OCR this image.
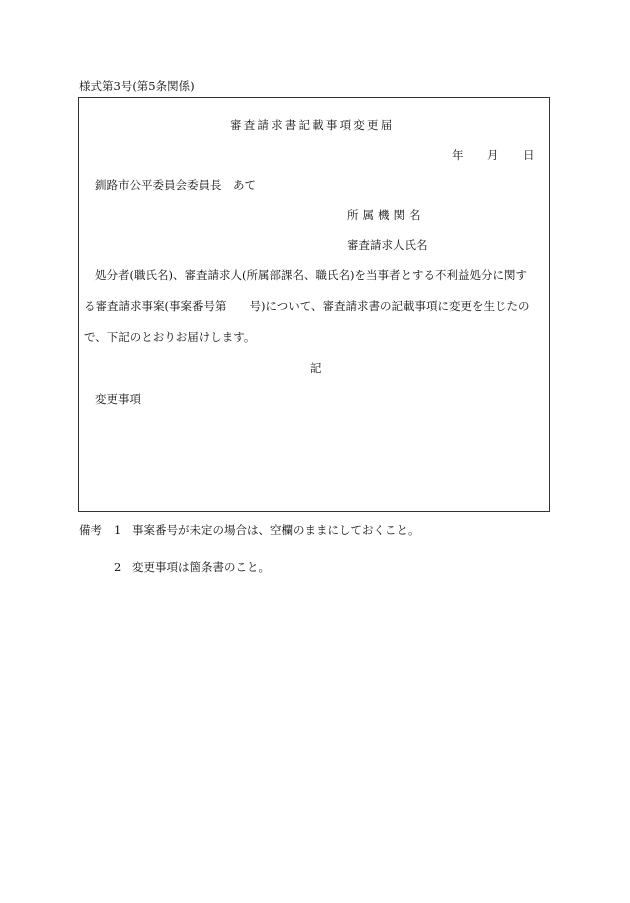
様式第3号(第5条関係)
審査請求書記載事項変更届
年 月 日
釧路市公平委員会委員長　あて
所属機関名
審査請求人氏名
処分者(職氏名)、審査請求人(所属部課名、職氏名)を当事者とする不利益処分に関す
る審査請求事案(事案番号第　　号)について、審査請求書の記載事項に変更を生じたの
で、下記のとおりお届けします。
記
変更事項
備考 1 事案番号が未定の場合は、空欄のままにしておくこと。
2 変更事項は箇条書のこと。
